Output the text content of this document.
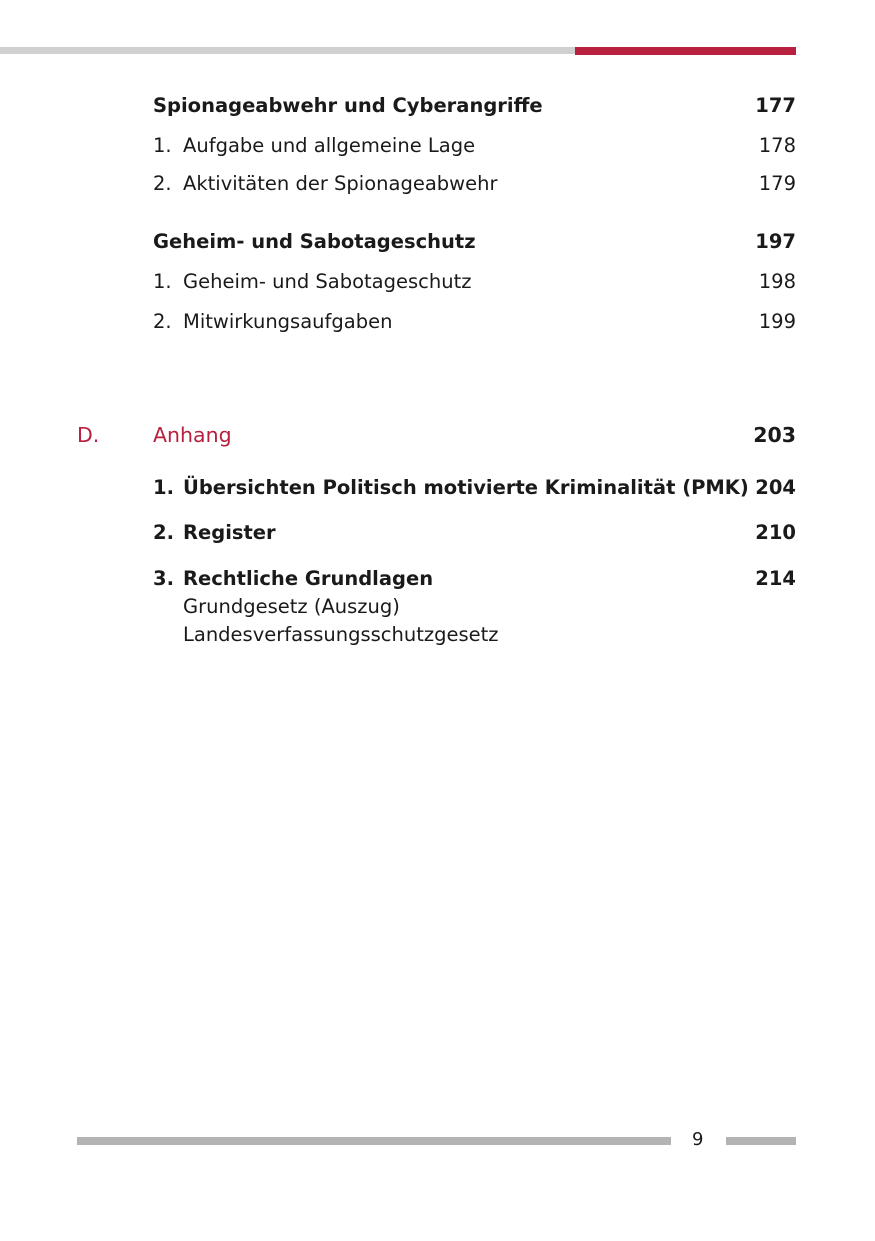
Spionageabwehr und Cyberangriffe	177
1. Aufgabe und allgemeine Lage	178
2. Aktivitäten der Spionageabwehr	179
Geheim- und Sabotageschutz	197
1. Geheim- und Sabotageschutz	198
2. Mitwirkungsaufgaben	199
D.	Anhang	203
1. Übersichten Politisch motivierte Kriminalität (PMK) 204
2. Register	210
3. Rechtliche Grundlagen	214
Grundgesetz (Auszug)
Landesverfassungsschutzgesetz
9
